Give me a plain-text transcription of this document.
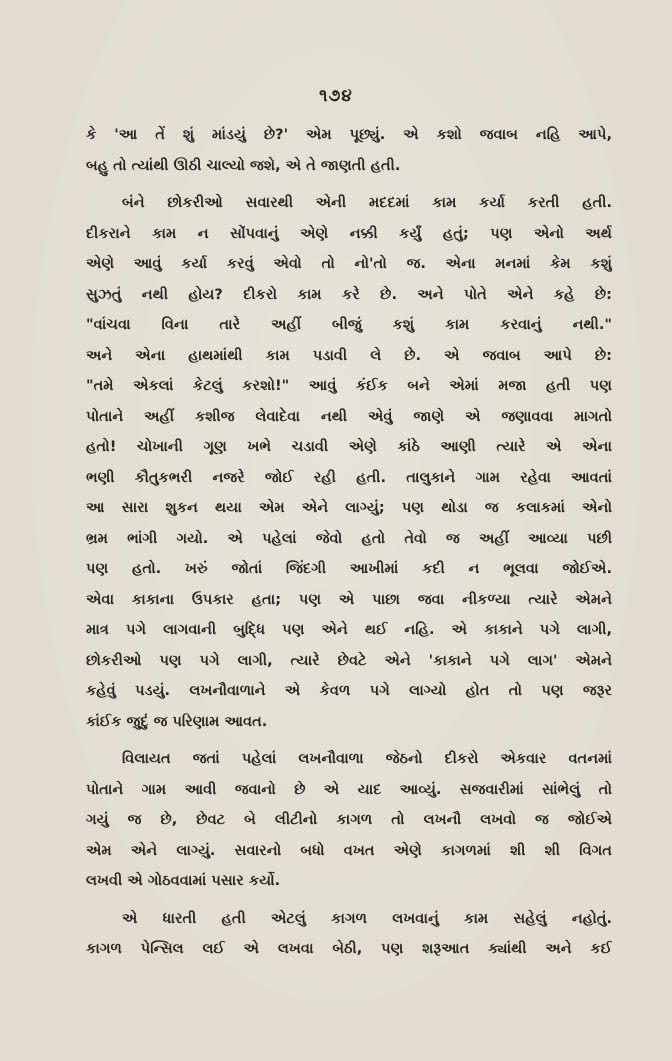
૧૭૪
કે 'આ તેં શું માંડયું છે?' એમ પૂછ્યું. એ કશો જવાબ નહિ આપે,
બહુ તો ત્યાંથી ઊઠી ચાલ્યો જશે, એ તે જાણતી હતી.
બંને છોકરીઓ સવારથી એની મદદમાં કામ કર્યા કરતી હતી.
દીકરાને કામ ન સોંપવાનું એણે નક્કી કર્યું હતું; પણ એનો અર્થ
એણે આવું કર્યા કરવું એવો તો નો'તો જ. એના મનમાં કેમ કશું
સુઝતું નથી હોય? દીકરો કામ કરે છે. અને પોતે એને કહે છે:
"વાંચવા વિના તારે અહીં બીજું કશું કામ કરવાનું નથી."
અને એના હાથમાંથી કામ પડાવી લે છે. એ જવાબ આપે છે:
"તમે એકલાં કેટલું કરશો!" આવું કંઈક બને એમાં મજા હતી પણ
પોતાને અહીં કશીજ લેવાદેવા નથી એવું જાણે એ જણાવવા માગતો
હતો! ચોખાની ગૂણ ખભે ચડાવી એણે કાંઠે આણી ત્યારે એ એના
ભણી કૌતુકભરી નજરે જોઈ રહી હતી. તાલુકાને ગામ રહેવા આવતાં
આ સારા શુકન થયા એમ એને લાગ્યું; પણ થોડા જ કલાકમાં એનો
ભ્રમ ભાંગી ગયો. એ પહેલાં જેવો હતો તેવો જ અહીં આવ્યા પછી
પણ હતો. ખરું જોતાં જિંદગી આખીમાં કદી ન ભૂલવા જોઈએ.
એવા કાકાના ઉપકાર હતા; પણ એ પાછા જવા નીકળ્યા ત્યારે એમને
માત્ર પગે લાગવાની બુદ્ધિ પણ એને થઈ નહિ. એ કાકાને પગે લાગી,
છોકરીઓ પણ પગે લાગી, ત્યારે છેવટે એને 'કાકાને પગે લાગ' એમને
કહેવું પડયું. લખનૌવાળાને એ કેવળ પગે લાગ્યો હોત તો પણ જરૂર
કાંઈક જુદું જ પરિણામ આવત.
વિલાયત જતાં પહેલાં લખનૌવાળા જેઠનો દીકરો એકવાર વતનમાં
પોતાને ગામ આવી જવાનો છે એ યાદ આવ્યું. સજવારીમાં સાંભેલું તો
ગયું જ છે, છેવટ બે લીટીનો કાગળ તો લખનૌ લખવો જ જોઈએ
એમ એને લાગ્યું. સવારનો બધો વખત એણે કાગળમાં શી શી વિગત
લખવી એ ગોઠવવામાં પસાર કર્યો.
એ ધારતી હતી એટલું કાગળ લખવાનું કામ સહેલું નહોતું.
કાગળ પેન્સિલ લઈ એ લખવા બેઠી, પણ શરૂઆત ક્યાંથી અને કઈ
